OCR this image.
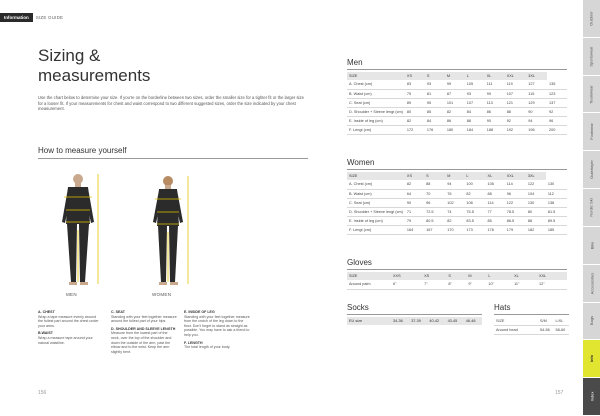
Information	SIZE GUIDE
Sizing &
measurements
Use the chart below to determine your size. If you're on the borderline between two sizes, order the smaller size for a tighter fit or the larger size for a looser fit. If your measurements for chest and waist correspond to two different suggested sizes, order the size indicated by your chest measurement.
How to measure yourself
MEN	WOMEN
A. CHEST
Wrap a tape measure evenly around the fullest part around the chest under your arms.
B.WAIST
Wrap a measure tape around your natural waistline.
C. SEAT
Standing with your feet together measure around the fullest part of your hips.
D. SHOULDER AND SLEEVE LENGTH
Measure from the lowest part of the neck, over the top of the shoulder and down the outside of the arm, past the elbow and to the wrist. Keep the arm slightly bent.
E. INSIDE OF LEG
Standing with your feet together measure from the crotch of the leg down to the floor. Don't forget to stand as straight as possible. You may have to ask a friend to help you.
F. LENGTH
The total length of your body.
156
Men
SIZE	XS	S	M	L	XL	XXL	3XL	
A. Chest (cm)	83	93	99	105	111	119	127	135
B. Waist (cm)	75	81	87	93	99	107	115	123
C. Seat (cm)	89	95	101	107	113	121	129	137
D. Shoulder + Sleeve lengt (cm)	80	85	82	84	86	88	90	92
E. Inside of leg (cm)	82	84	86	88	90	92	94	96
F. Lengt (cm)	172	176	180	184	188	192	196	200
Women
SIZE	XS	S	M	L	XL	XXL	3XL	
A. Chest (cm)	82	88	94	100	106	114	122	130
B. Waist (cm)	64	70	76	82	88	96	104	112
C. Seat (cm)	90	96	102	108	114	122	130	138
D. Shoulder + Sleeve lengt (cm)	71	72.5	74	75.5	77	78.5	80	81.5
E. Inside of leg (cm)	79	80.5	82	83.5	85	86.5	88	89.5
F. Lengt (cm)	164	167	170	173	176	179	182	185
Gloves
SIZE	XXS	XS	S	M	L	XL	XXL
Around palm	6"	7"	8"	9"	10"	11"	12"
Socks
EU size	34-36	37-39	40-42	43-45	46-48
Hats
SIZE	S/M	L/XL
Around head	54-56	58-60
157
Outdoor
Sportswear
Teamwear
Footwear
Outerlayer
Nordic Ski
Bike
Accessories
Bags
Info
Index
